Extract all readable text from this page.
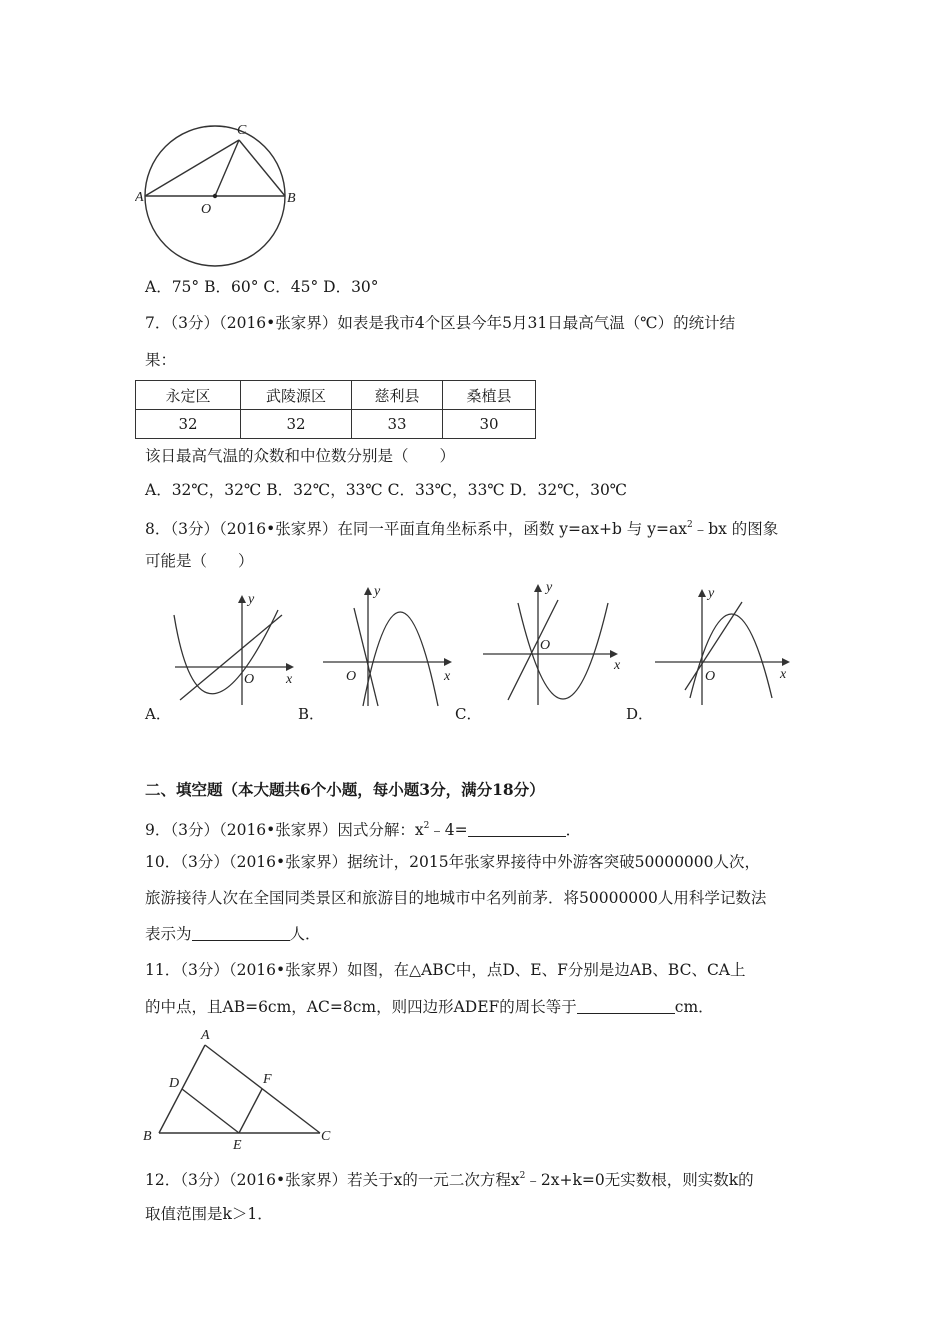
C
A
O
B
A．75° B．60° C．45° D．30°
7．（3分）（2016•张家界）如表是我市4个区县今年5月31日最高气温（℃）的统计结
果：
永定区	武陵源区	慈利县	桑植县
32	32	33	30
该日最高气温的众数和中位数分别是（　　）
A．32℃，32℃ B．32℃，33℃ C．33℃，33℃ D．32℃，30℃
8．（3分）（2016•张家界）在同一平面直角坐标系中，函数 y=ax+b 与 $y=ax^2﹣bx$ 的图象
可能是（　　）
y
x
O
y
x
O
y
x
O
y
x
O
A．	B．	C．	D．
二、填空题（本大题共6个小题，每小题3分，满分18分）
9．（3分）（2016•张家界）因式分解：$x^2﹣4=$	．
10．（3分）（2016•张家界）据统计，2015年张家界接待中外游客突破50000000人次，
旅游接待人次在全国同类景区和旅游目的地城市中名列前茅．将50000000人用科学记数法
表示为	人．
11．（3分）（2016•张家界）如图，在△ABC中，点D、E、F分别是边AB、BC、CA上
的中点，且AB=6cm，AC=8cm，则四边形ADEF的周长等于	cm．
A
B	C
D
E
F
12．（3分）（2016•张家界）若关于x的一元二次方程$x^2﹣2x+k=0$无实数根，则实数k的
取值范围是k＞1．
